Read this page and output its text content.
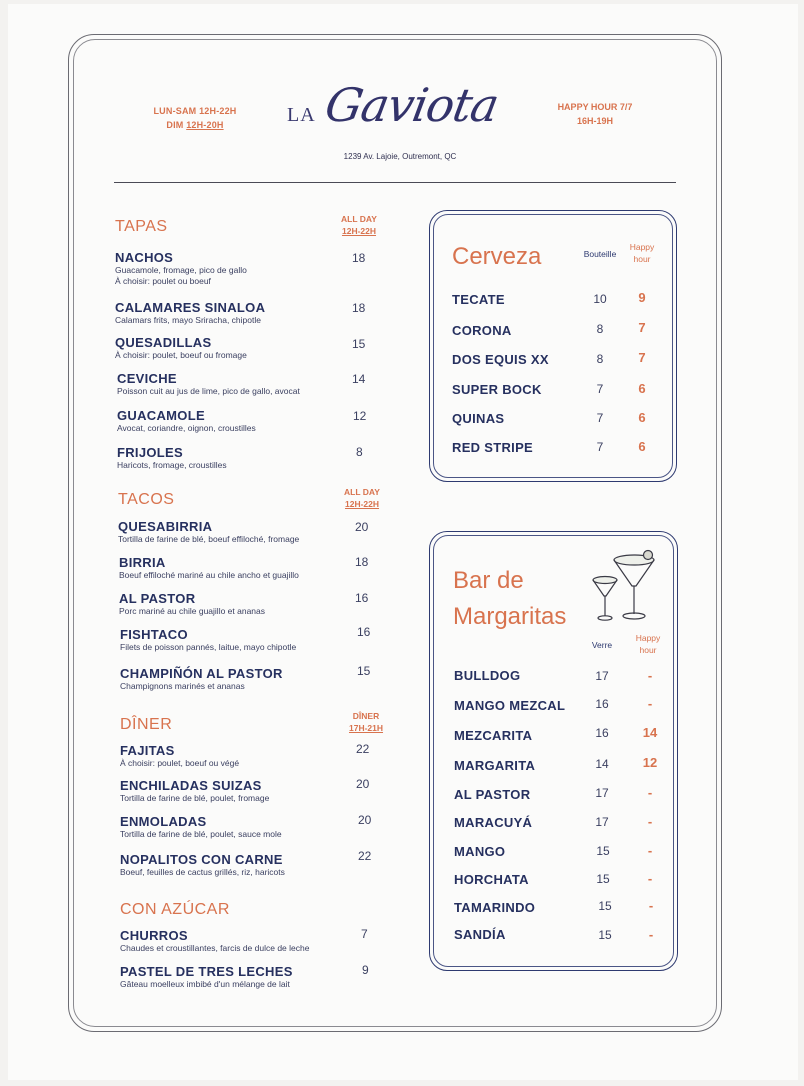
LUN-SAM 12H-22H
DIM 12H-20H	LA Gaviota
1239 Av. Lajoie, Outremont, QC
HAPPY HOUR 7/7
16H-19H
TAPAS	ALL DAY
12H-22H
NACHOS
Guacamole, fromage, pico de gallo
À choisir: poulet ou boeuf
18
CALAMARES SINALOA
Calamars frits, mayo Sriracha, chipotle
18
QUESADILLAS
À choisir: poulet, boeuf ou fromage
15
CEVICHE
Poisson cuit au jus de lime, pico de gallo, avocat
14
GUACAMOLE
Avocat, coriandre, oignon, croustilles
12
FRIJOLES
Haricots, fromage, croustilles
8
TACOS	ALL DAY
12H-22H
QUESABIRRIA
Tortilla de farine de blé, boeuf effiloché, fromage
20
BIRRIA
Boeuf effiloché mariné au chile ancho et guajillo
18
AL PASTOR
Porc mariné au chile guajillo et ananas
16
FISHTACO
Filets de poisson pannés, laitue, mayo chipotle
16
CHAMPIÑÓN AL PASTOR
Champignons marinés et ananas
15
DÎNER	DÎNER
17H-21H
FAJITAS
À choisir: poulet, boeuf ou végé
22
ENCHILADAS SUIZAS
Tortilla de farine de blé, poulet, fromage
20
ENMOLADAS
Tortilla de farine de blé, poulet, sauce mole
20
NOPALITOS CON CARNE
Boeuf, feuilles de cactus grillés, riz, haricots
22
CON AZÚCAR
CHURROS
Chaudes et croustillantes, farcis de dulce de leche
7
PASTEL DE TRES LECHES
Gâteau moelleux imbibé d'un mélange de lait
9
Cerveza	Bouteille
Happy
hour
TECATE	10	9
CORONA	8	7
DOS EQUIS XX	8	7
SUPER BOCK	7	6
QUINAS	7	6
RED STRIPE	7	6
Bar de
Margaritas
Verre
Happy
hour
BULLDOG	17	-
MANGO MEZCAL	16	-
MEZCARITA	16	14
MARGARITA	14	12
AL PASTOR	17	-
MARACUYÁ	17	-
MANGO	15	-
HORCHATA	15	-
TAMARINDO	15	-
SANDÍA	15	-
